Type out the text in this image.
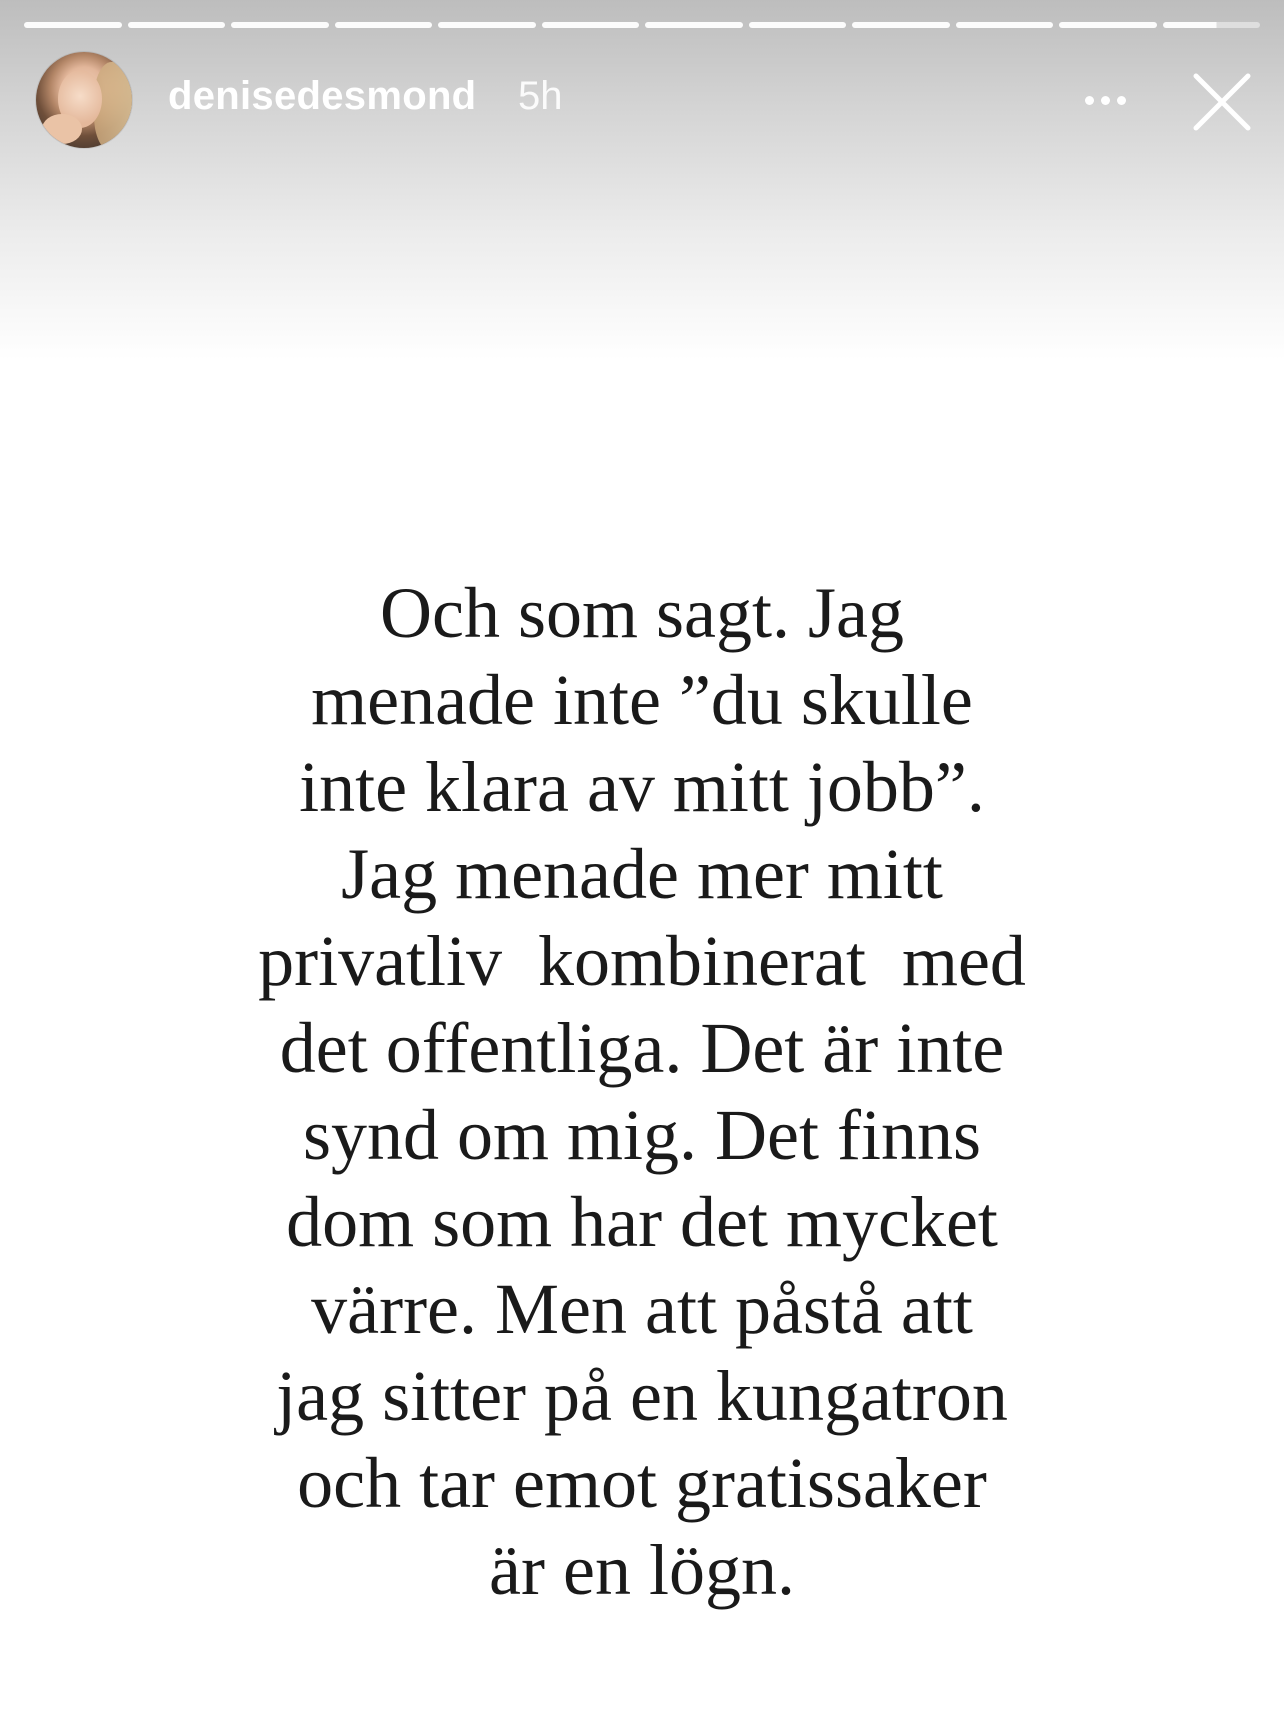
denisedesmond 5h
Och som sagt. Jag
menade inte ”du skulle
inte klara av mitt jobb”.
Jag menade mer mitt
privatliv  kombinerat  med
det offentliga. Det är inte
synd om mig. Det finns
dom som har det mycket
värre. Men att påstå att
jag sitter på en kungatron
och tar emot gratissaker
är en lögn.
